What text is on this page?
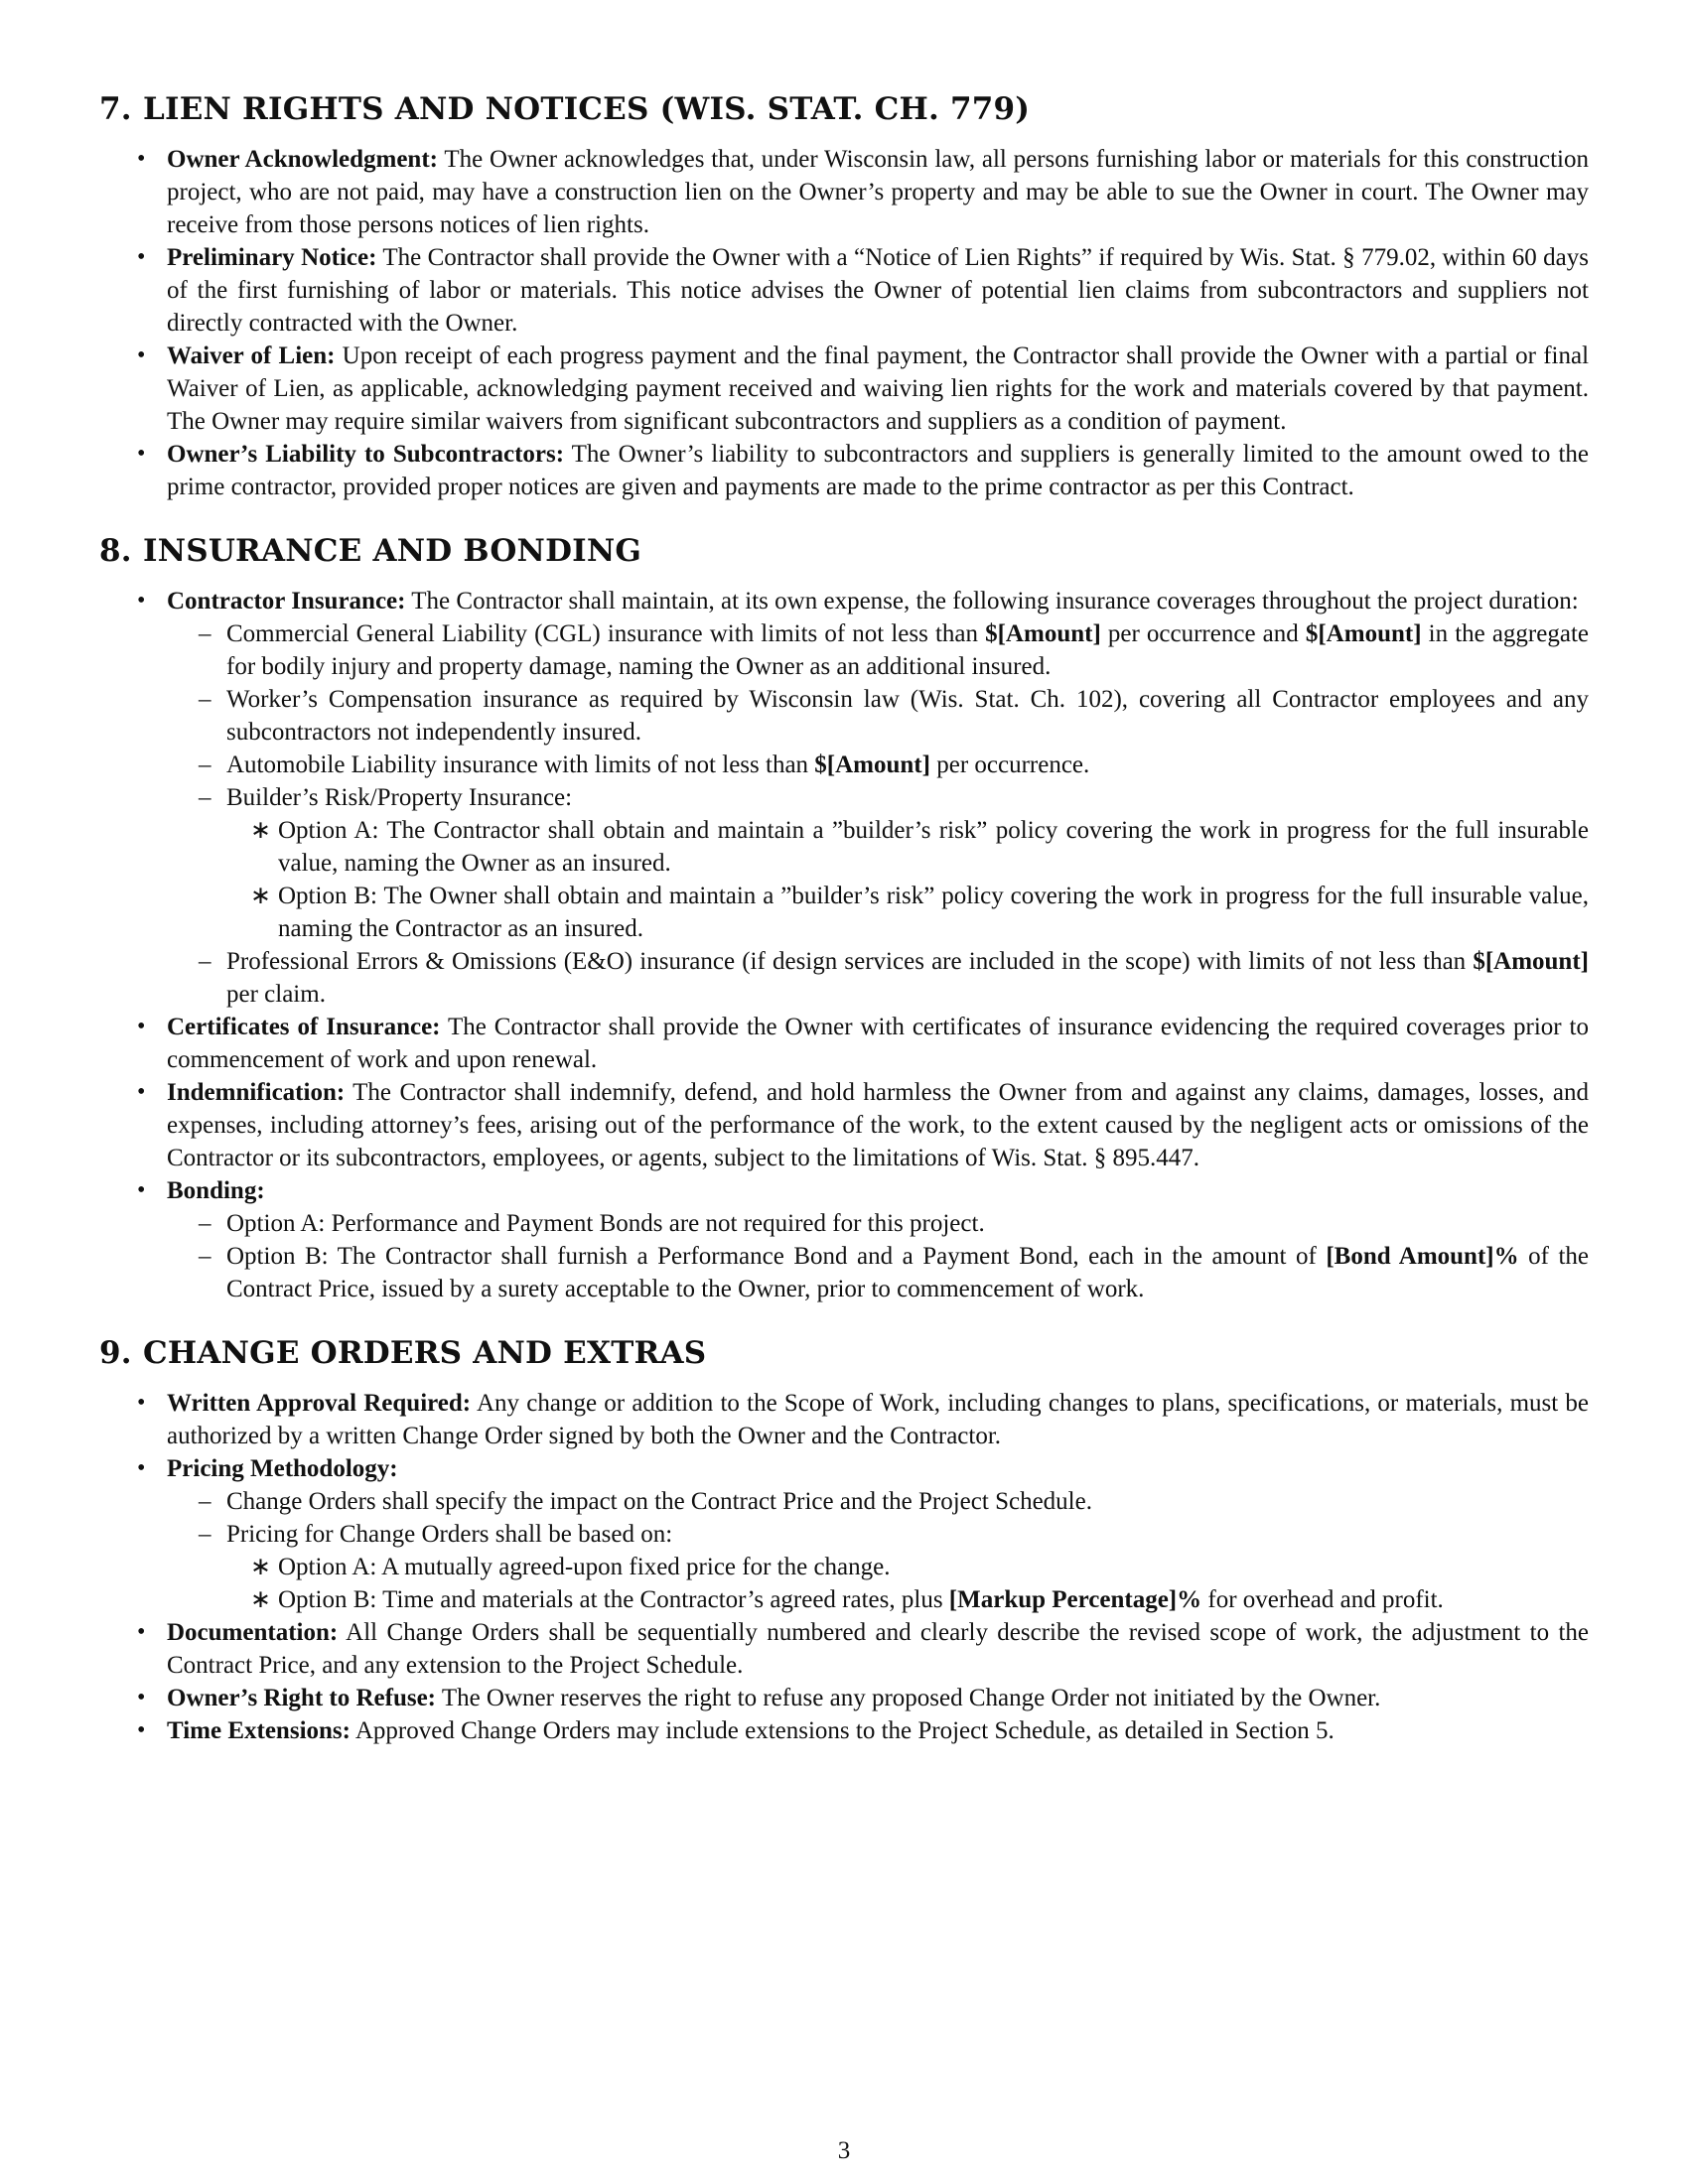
7. LIEN RIGHTS AND NOTICES (WIS. STAT. CH. 779)
• Owner Acknowledgment: The Owner acknowledges that, under Wisconsin law, all persons furnishing labor or materials for this construction project, who are not paid, may have a construction lien on the Owner’s property and may be able to sue the Owner in court. The Owner may receive from those persons notices of lien rights.
• Preliminary Notice: The Contractor shall provide the Owner with a “Notice of Lien Rights” if required by Wis. Stat. § 779.02, within 60 days of the first furnishing of labor or materials. This notice advises the Owner of potential lien claims from subcontractors and suppliers not directly contracted with the Owner.
• Waiver of Lien: Upon receipt of each progress payment and the final payment, the Contractor shall provide the Owner with a partial or final Waiver of Lien, as applicable, acknowledging payment received and waiving lien rights for the work and materials covered by that payment. The Owner may require similar waivers from significant subcontractors and suppliers as a condition of payment.
• Owner’s Liability to Subcontractors: The Owner’s liability to subcontractors and suppliers is generally limited to the amount owed to the prime contractor, provided proper notices are given and payments are made to the prime contractor as per this Contract.
8. INSURANCE AND BONDING
• Contractor Insurance: The Contractor shall maintain, at its own expense, the following insurance coverages throughout the project duration:
– Commercial General Liability (CGL) insurance with limits of not less than $[Amount] per occurrence and $[Amount] in the aggregate for bodily injury and property damage, naming the Owner as an additional insured.
– Worker’s Compensation insurance as required by Wisconsin law (Wis. Stat. Ch. 102), covering all Contractor employees and any subcontractors not independently insured.
– Automobile Liability insurance with limits of not less than $[Amount] per occurrence.
– Builder’s Risk/Property Insurance:
∗ Option A: The Contractor shall obtain and maintain a ”builder’s risk” policy covering the work in progress for the full insurable value, naming the Owner as an insured.
∗ Option B: The Owner shall obtain and maintain a ”builder’s risk” policy covering the work in progress for the full insurable value, naming the Contractor as an insured.
– Professional Errors & Omissions (E&O) insurance (if design services are included in the scope) with limits of not less than $[Amount] per claim.
• Certificates of Insurance: The Contractor shall provide the Owner with certificates of insurance evidencing the required coverages prior to commencement of work and upon renewal.
• Indemnification: The Contractor shall indemnify, defend, and hold harmless the Owner from and against any claims, damages, losses, and expenses, including attorney’s fees, arising out of the performance of the work, to the extent caused by the negligent acts or omissions of the Contractor or its subcontractors, employees, or agents, subject to the limitations of Wis. Stat. § 895.447.
• Bonding:
– Option A: Performance and Payment Bonds are not required for this project.
– Option B: The Contractor shall furnish a Performance Bond and a Payment Bond, each in the amount of [Bond Amount]% of the Contract Price, issued by a surety acceptable to the Owner, prior to commencement of work.
9. CHANGE ORDERS AND EXTRAS
• Written Approval Required: Any change or addition to the Scope of Work, including changes to plans, specifications, or materials, must be authorized by a written Change Order signed by both the Owner and the Contractor.
• Pricing Methodology:
– Change Orders shall specify the impact on the Contract Price and the Project Schedule.
– Pricing for Change Orders shall be based on:
∗ Option A: A mutually agreed-upon fixed price for the change.
∗ Option B: Time and materials at the Contractor’s agreed rates, plus [Markup Percentage]% for overhead and profit.
• Documentation: All Change Orders shall be sequentially numbered and clearly describe the revised scope of work, the adjustment to the Contract Price, and any extension to the Project Schedule.
• Owner’s Right to Refuse: The Owner reserves the right to refuse any proposed Change Order not initiated by the Owner.
• Time Extensions: Approved Change Orders may include extensions to the Project Schedule, as detailed in Section 5.
3
